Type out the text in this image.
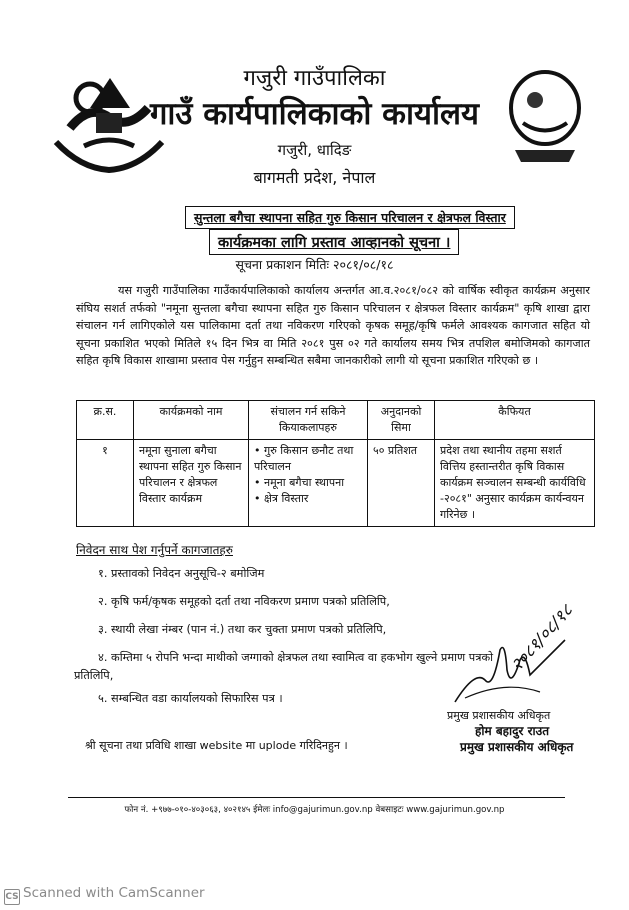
गजुरी गाउँपालिका
गाउँ कार्यपालिकाको कार्यालय
गजुरी, धादिङ
बागमती प्रदेश, नेपाल
सुन्तला बगैचा स्थापना सहित गुरु किसान परिचालन र क्षेत्रफल विस्तार
कार्यक्रमका लागि प्रस्ताव आव्हानको सूचना ।
सूचना प्रकाशन मितिः २०८१/०८/१८
यस गजुरी गाउँपालिका गाउँकार्यपालिकाको कार्यालय अन्तर्गत आ.व.२०८१/०८२ को वार्षिक स्वीकृत कार्यक्रम अनुसार संघिय सशर्त तर्फको "नमूना सुन्तला बगैचा स्थापना सहित गुरु किसान परिचालन र क्षेत्रफल विस्तार कार्यक्रम" कृषि शाखा द्वारा संचालन गर्न लागिएकोले यस पालिकामा दर्ता तथा नविकरण गरिएको कृषक समूह/कृषि फर्मले आवश्यक कागजात सहित यो सूचना प्रकाशित भएको मितिले १५ दिन भित्र वा मिति २०८१ पुस ०२ गते कार्यालय समय भित्र तपशिल बमोजिमको कागजात सहित कृषि विकास शाखामा प्रस्ताव पेस गर्नुहुन सम्बन्धित सबैमा जानकारीको लागी यो सूचना प्रकाशित गरिएको छ ।
क्र.स.	कार्यक्रमको नाम	संचालन गर्न सकिने कियाकलापहरु	अनुदानको सिमा	कैफियत
१	नमूना सुनाला बगैचा स्थापना सहित गुरु किसान परिचालन र क्षेत्रफल विस्तार कार्यक्रम	• गुरु किसान छनौट तथा परिचालन
• नमूना बगैचा स्थापना
• क्षेत्र विस्तार	५० प्रतिशत	प्रदेश तथा स्थानीय तहमा सशर्त वित्तिय हस्तान्तरीत कृषि विकास कार्यक्रम सञ्चालन सम्बन्धी कार्यविधि -२०८१" अनुसार कार्यक्रम कार्यन्वयन गरिनेछ ।
निवेदन साथ पेश गर्नुपर्ने कागजातहरु
१. प्रस्तावको निवेदन अनुसूचि-२ बमोजिम
२. कृषि फर्म/कृषक समूहको दर्ता तथा नविकरण प्रमाण पत्रको प्रतिलिपि,
३. स्थायी लेखा नंम्बर (पान नं.) तथा कर चुक्ता प्रमाण पत्रको प्रतिलिपि,
४. कम्तिमा ५ रोपनि भन्दा माथीको जग्गाको क्षेत्रफल तथा स्वामित्व वा हकभोग खुल्ने प्रमाण पत्रको
प्रतिलिपि,
५. सम्बन्धित वडा कार्यालयको सिफारिस पत्र ।
२०८१/०८/१८
प्रमुख प्रशासकीय अधिकृत
होम बहादुर राउत
प्रमुख प्रशासकीय अधिकृत
श्री सूचना तथा प्रविधि शाखा website मा uplode गरिदिनहुन ।
फोन नं. +९७७-०१०-४०३०६३, ४०२१४५ ईमेलः info@gajurimun.gov.np वेबसाइटः www.gajurimun.gov.np
CS Scanned with CamScanner
